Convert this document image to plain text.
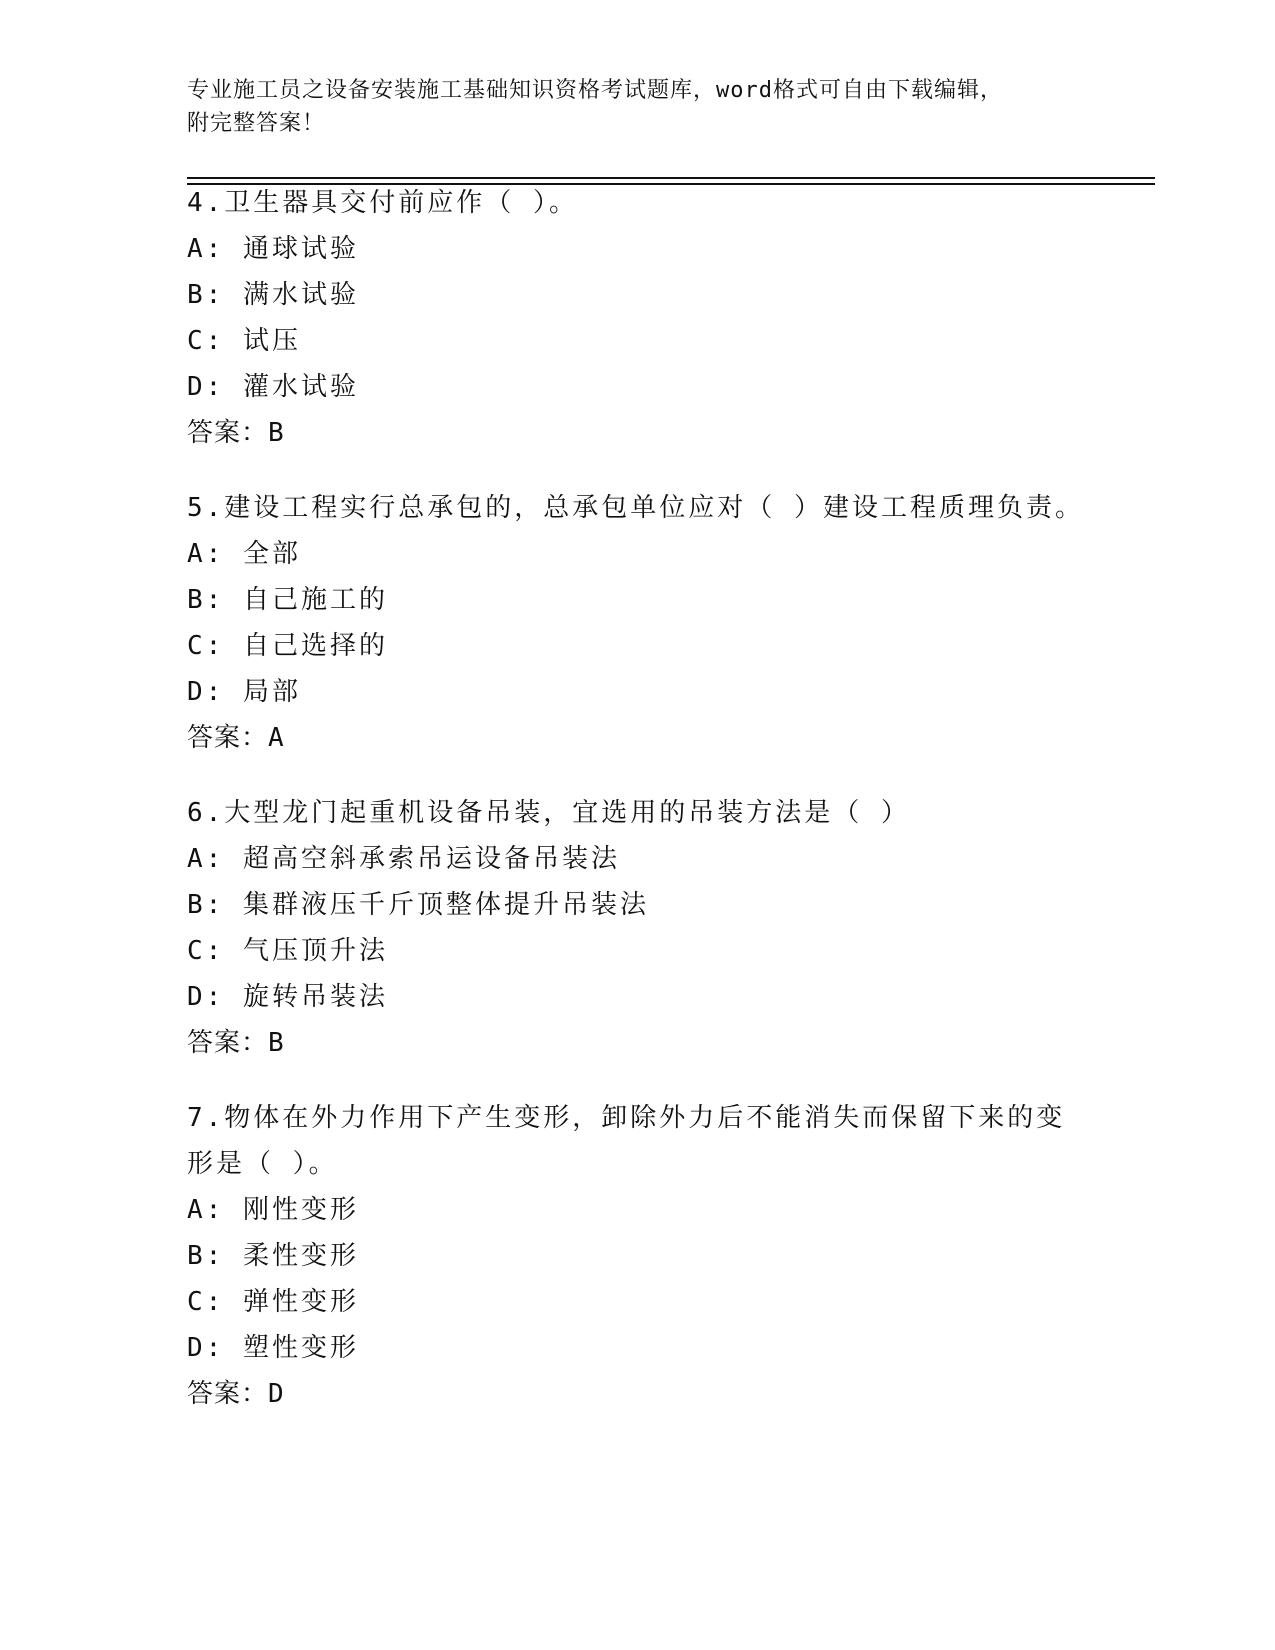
专业施工员之设备安装施工基础知识资格考试题库，word格式可自由下载编辑，
附完整答案！
4.卫生器具交付前应作（ ）。
A: 通球试验
B: 满水试验
C: 试压
D: 灌水试验
答案：B
5.建设工程实行总承包的，总承包单位应对（ ）建设工程质理负责。
A: 全部
B: 自己施工的
C: 自己选择的
D: 局部
答案：A
6.大型龙门起重机设备吊装，宜选用的吊装方法是（ ）
A: 超高空斜承索吊运设备吊装法
B: 集群液压千斤顶整体提升吊装法
C: 气压顶升法
D: 旋转吊装法
答案：B
7.物体在外力作用下产生变形，卸除外力后不能消失而保留下来的变
形是（ ）。
A: 刚性变形
B: 柔性变形
C: 弹性变形
D: 塑性变形
答案：D
